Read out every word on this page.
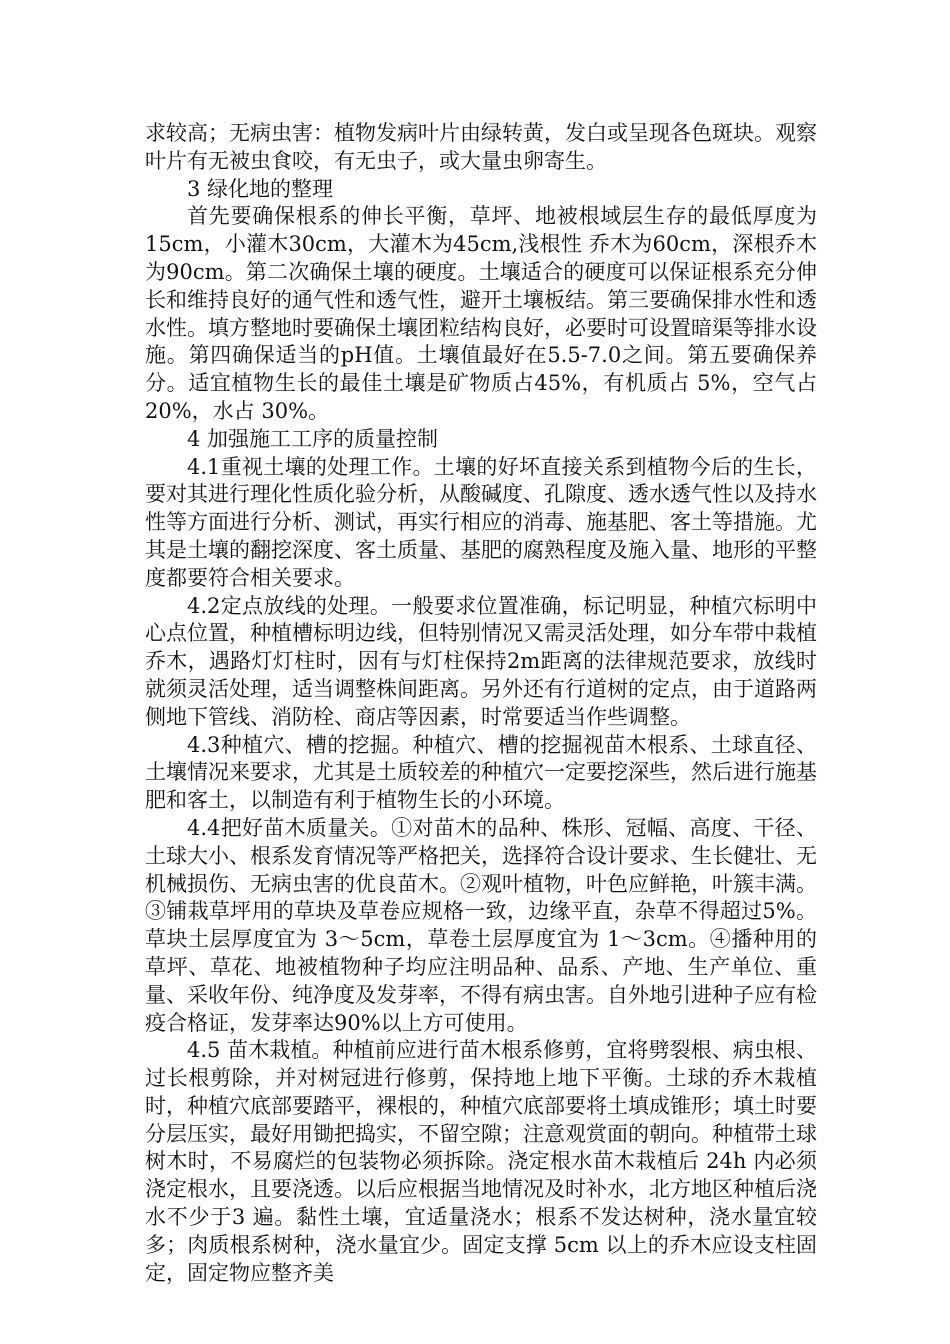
求较高；无病虫害：植物发病叶片由绿转黄，发白或呈现各色斑块。观察叶片有无被虫食咬，有无虫子，或大量虫卵寄生。

3 绿化地的整理

首先要确保根系的伸长平衡，草坪、地被根域层生存的最低厚度为15cm，小灌木30cm，大灌木为45cm,浅根性 乔木为60cm，深根乔木为90cm。第二次确保土壤的硬度。土壤适合的硬度可以保证根系充分伸长和维持良好的通气性和透气性，避开土壤板结。第三要确保排水性和透水性。填方整地时要确保土壤团粒结构良好，必要时可设置暗渠等排水设施。第四确保适当的pH值。土壤值最好在5.5-7.0之间。第五要确保养分。适宜植物生长的最佳土壤是矿物质占45%，有机质占 5%，空气占 20%，水占 30%。

4 加强施工工序的质量控制

4.1重视土壤的处理工作。土壤的好坏直接关系到植物今后的生长，要对其进行理化性质化验分析，从酸碱度、孔隙度、透水透气性以及持水性等方面进行分析、测试，再实行相应的消毒、施基肥、客土等措施。尤其是土壤的翻挖深度、客土质量、基肥的腐熟程度及施入量、地形的平整度都要符合相关要求。

4.2定点放线的处理。一般要求位置准确，标记明显，种植穴标明中心点位置，种植槽标明边线，但特别情况又需灵活处理，如分车带中栽植乔木，遇路灯灯柱时，因有与灯柱保持2m距离的法律规范要求，放线时就须灵活处理，适当调整株间距离。另外还有行道树的定点，由于道路两侧地下管线、消防栓、商店等因素，时常要适当作些调整。

4.3种植穴、槽的挖掘。种植穴、槽的挖掘视苗木根系、土球直径、土壤情况来要求，尤其是土质较差的种植穴一定要挖深些，然后进行施基肥和客土，以制造有利于植物生长的小环境。

4.4把好苗木质量关。①对苗木的品种、株形、冠幅、高度、干径、土球大小、根系发育情况等严格把关，选择符合设计要求、生长健壮、无机械损伤、无病虫害的优良苗木。②观叶植物，叶色应鲜艳，叶簇丰满。③铺栽草坪用的草块及草卷应规格一致，边缘平直，杂草不得超过5%。草块土层厚度宜为 3～5cm，草卷土层厚度宜为 1～3cm。④播种用的草坪、草花、地被植物种子均应注明品种、品系、产地、生产单位、重量、采收年份、纯净度及发芽率，不得有病虫害。自外地引进种子应有检疫合格证，发芽率达90%以上方可使用。

4.5 苗木栽植。种植前应进行苗木根系修剪，宜将劈裂根、病虫根、过长根剪除，并对树冠进行修剪，保持地上地下平衡。土球的乔木栽植时，种植穴底部要踏平，裸根的，种植穴底部要将土填成锥形；填土时要分层压实，最好用锄把捣实，不留空隙；注意观赏面的朝向。种植带土球树木时，不易腐烂的包装物必须拆除。浇定根水苗木栽植后 24h 内必须浇定根水，且要浇透。以后应根据当地情况及时补水，北方地区种植后浇水不少于3 遍。黏性土壤，宜适量浇水；根系不发达树种，浇水量宜较多；肉质根系树种，浇水量宜少。固定支撑 5cm 以上的乔木应设支柱固定，固定物应整齐美
